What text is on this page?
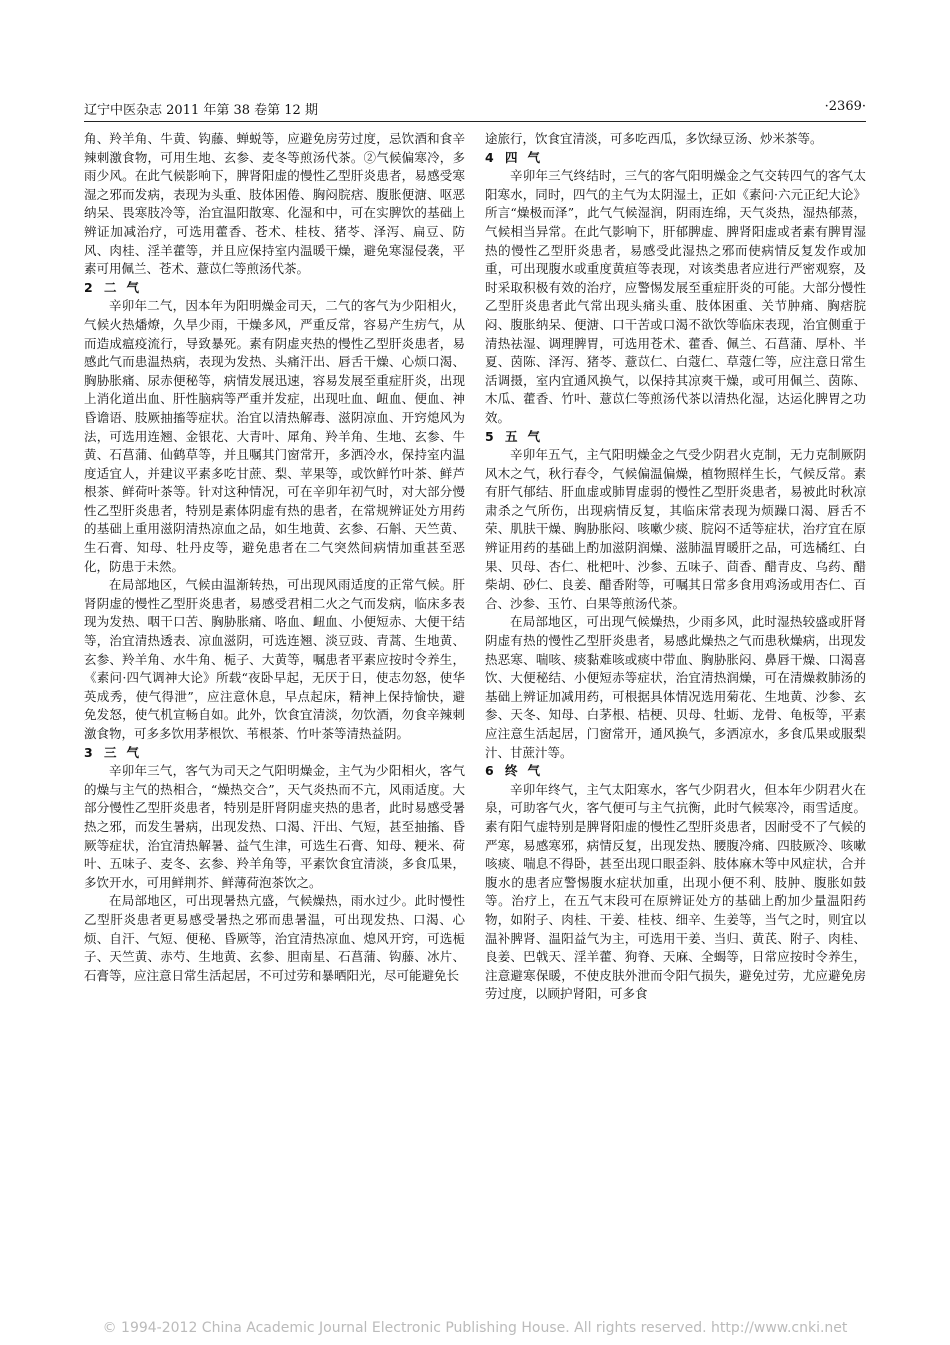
辽宁中医杂志 2011 年第 38 卷第 12 期	·2369·

角、羚羊角、牛黄、钩藤、蝉蜕等，应避免房劳过度，忌饮酒和食辛辣刺激食物，可用生地、玄参、麦冬等煎汤代茶。②气候偏寒冷，多雨少风。在此气候影响下，脾肾阳虚的慢性乙型肝炎患者，易感受寒湿之邪而发病，表现为头重、肢体困倦、胸闷脘痞、腹胀便溏、呕恶纳呆、畏寒肢冷等，治宜温阳散寒、化湿和中，可在实脾饮的基础上辨证加减治疗，可选用藿香、苍术、桂枝、猪苓、泽泻、扁豆、防风、肉桂、淫羊藿等，并且应保持室内温暖干燥，避免寒湿侵袭，平素可用佩兰、苍术、薏苡仁等煎汤代茶。

2 二气

辛卯年二气，因本年为阳明燥金司天，二气的客气为少阳相火，气候火热燔燎，久旱少雨，干燥多风，严重反常，容易产生疠气，从而造成瘟疫流行，导致暴死。素有阴虚夹热的慢性乙型肝炎患者，易感此气而患温热病，表现为发热、头痛汗出、唇舌干燥、心烦口渴、胸胁胀痛、尿赤便秘等，病情发展迅速，容易发展至重症肝炎，出现上消化道出血、肝性脑病等严重并发症，出现吐血、衄血、便血、神昏谵语、肢厥抽搐等症状。治宜以清热解毒、滋阴凉血、开窍熄风为法，可选用连翘、金银花、大青叶、犀角、羚羊角、生地、玄参、牛黄、石菖蒲、仙鹤草等，并且嘱其门窗常开，多洒冷水，保持室内温度适宜人，并建议平素多吃甘蔗、梨、苹果等，或饮鲜竹叶茶、鲜芦根茶、鲜荷叶茶等。针对这种情况，可在辛卯年初气时，对大部分慢性乙型肝炎患者，特别是素体阴虚有热的患者，在常规辨证处方用药的基础上重用滋阴清热凉血之品，如生地黄、玄参、石斛、天竺黄、生石膏、知母、牡丹皮等，避免患者在二气突然间病情加重甚至恶化，防患于未然。

在局部地区，气候由温渐转热，可出现风雨适度的正常气候。肝肾阴虚的慢性乙型肝炎患者，易感受君相二火之气而发病，临床多表现为发热、咽干口苦、胸胁胀痛、咯血、衄血、小便短赤、大便干结等，治宜清热透表、凉血滋阴，可选连翘、淡豆豉、青蒿、生地黄、玄参、羚羊角、水牛角、栀子、大黄等，嘱患者平素应按时令养生，《素问·四气调神大论》所载“夜卧早起，无厌于日，使志勿怒，使华英成秀，使气得泄”，应注意休息，早点起床，精神上保持愉快，避免发怒，使气机宣畅自如。此外，饮食宜清淡，勿饮酒，勿食辛辣刺激食物，可多多饮用茅根饮、苇根茶、竹叶茶等清热益阴。

3 三气

辛卯年三气，客气为司天之气阳明燥金，主气为少阳相火，客气的燥与主气的热相合，“燥热交合”，天气炎热而不亢，风雨适度。大部分慢性乙型肝炎患者，特别是肝肾阴虚夹热的患者，此时易感受暑热之邪，而发生暑病，出现发热、口渴、汗出、气短，甚至抽搐、昏厥等症状，治宜清热解暑、益气生津，可选生石膏、知母、粳米、荷叶、五味子、麦冬、玄参、羚羊角等，平素饮食宜清淡，多食瓜果，多饮开水，可用鲜荆芥、鲜薄荷泡茶饮之。

在局部地区，可出现暑热亢盛，气候燥热，雨水过少。此时慢性乙型肝炎患者更易感受暑热之邪而患暑温，可出现发热、口渴、心烦、自汗、气短、便秘、昏厥等，治宜清热凉血、熄风开窍，可选栀子、天竺黄、赤芍、生地黄、玄参、胆南星、石菖蒲、钩藤、冰片、石膏等，应注意日常生活起居，不可过劳和暴晒阳光，尽可能避免长

途旅行，饮食宜清淡，可多吃西瓜，多饮绿豆汤、炒米茶等。

4 四气

辛卯年三气终结时，三气的客气阳明燥金之气交转四气的客气太阳寒水，同时，四气的主气为太阴湿土，正如《素问·六元正纪大论》所言“燥极而泽”，此气气候湿润，阴雨连绵，天气炎热，湿热郁蒸，气候相当异常。在此气影响下，肝郁脾虚、脾肾阳虚或者素有脾胃湿热的慢性乙型肝炎患者，易感受此湿热之邪而使病情反复发作或加重，可出现腹水或重度黄疸等表现，对该类患者应进行严密观察，及时采取积极有效的治疗，应警惕发展至重症肝炎的可能。大部分慢性乙型肝炎患者此气常出现头痛头重、肢体困重、关节肿痛、胸痞脘闷、腹胀纳呆、便溏、口干苦或口渴不欲饮等临床表现，治宜侧重于清热祛湿、调理脾胃，可选用苍术、藿香、佩兰、石菖蒲、厚朴、半夏、茵陈、泽泻、猪苓、薏苡仁、白蔻仁、草蔻仁等，应注意日常生活调摄，室内宜通风换气，以保持其凉爽干燥，或可用佩兰、茵陈、木瓜、藿香、竹叶、薏苡仁等煎汤代茶以清热化湿，达运化脾胃之功效。

5 五气

辛卯年五气，主气阳明燥金之气受少阴君火克制，无力克制厥阴风木之气，秋行春令，气候偏温偏燥，植物照样生长，气候反常。素有肝气郁结、肝血虚或肺胃虚弱的慢性乙型肝炎患者，易被此时秋凉肃杀之气所伤，出现病情反复，其临床常表现为烦躁口渴、唇舌不荣、肌肤干燥、胸胁胀闷、咳嗽少痰、脘闷不适等症状，治疗宜在原辨证用药的基础上酌加滋阴润燥、滋肺温胃暖肝之品，可选橘红、白果、贝母、杏仁、枇杷叶、沙参、五味子、茴香、醋青皮、乌药、醋柴胡、砂仁、良姜、醋香附等，可嘱其日常多食用鸡汤或用杏仁、百合、沙参、玉竹、白果等煎汤代茶。

在局部地区，可出现气候燥热，少雨多风，此时湿热较盛或肝肾阴虚有热的慢性乙型肝炎患者，易感此燥热之气而患秋燥病，出现发热恶寒、喘咳、痰黏难咳或痰中带血、胸胁胀闷、鼻唇干燥、口渴喜饮、大便秘结、小便短赤等症状，治宜清热润燥，可在清燥救肺汤的基础上辨证加减用药，可根据具体情况选用菊花、生地黄、沙参、玄参、天冬、知母、白茅根、桔梗、贝母、牡蛎、龙骨、龟板等，平素应注意生活起居，门窗常开，通风换气，多洒凉水，多食瓜果或服梨汁、甘蔗汁等。

6 终气

辛卯年终气，主气太阳寒水，客气少阴君火，但本年少阴君火在泉，可助客气火，客气便可与主气抗衡，此时气候寒冷，雨雪适度。素有阳气虚特别是脾肾阳虚的慢性乙型肝炎患者，因耐受不了气候的严寒，易感寒邪，病情反复，出现发热、腰腹冷痛、四肢厥冷、咳嗽咳痰、喘息不得卧，甚至出现口眼歪斜、肢体麻木等中风症状，合并腹水的患者应警惕腹水症状加重，出现小便不利、肢肿、腹胀如鼓等。治疗上，在五气末段可在原辨证处方的基础上酌加少量温阳药物，如附子、肉桂、干姜、桂枝、细辛、生姜等，当气之时，则宜以温补脾肾、温阳益气为主，可选用干姜、当归、黄芪、附子、肉桂、良姜、巴戟天、淫羊藿、狗脊、天麻、全蝎等，日常应按时令养生，注意避寒保暖，不使皮肤外泄而令阳气损失，避免过劳，尤应避免房劳过度，以顾护肾阳，可多食

© 1994-2012 China Academic Journal Electronic Publishing House. All rights reserved. http://www.cnki.net
